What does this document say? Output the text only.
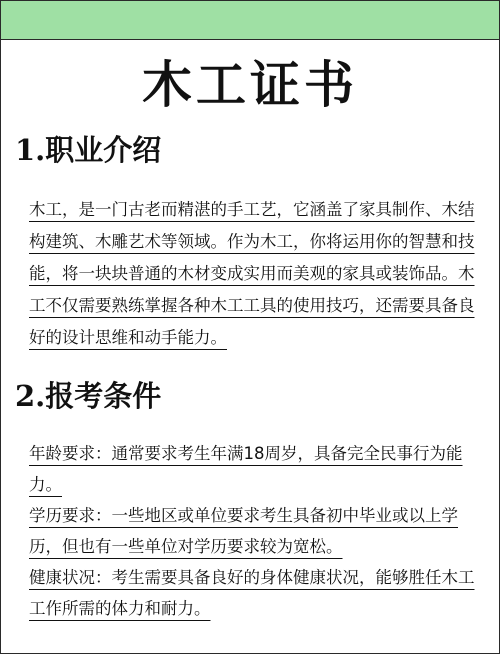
木工证书
1.职业介绍
木工，是一门古老而精湛的手工艺，它涵盖了家具制作、木结构建筑、木雕艺术等领域。作为木工，你将运用你的智慧和技能，将一块块普通的木材变成实用而美观的家具或装饰品。木工不仅需要熟练掌握各种木工工具的使用技巧，还需要具备良好的设计思维和动手能力。
2.报考条件

年龄要求：通常要求考生年满18周岁，具备完全民事行为能力。

学历要求：一些地区或单位要求考生具备初中毕业或以上学历，但也有一些单位对学历要求较为宽松。

健康状况：考生需要具备良好的身体健康状况，能够胜任木工工作所需的体力和耐力。
